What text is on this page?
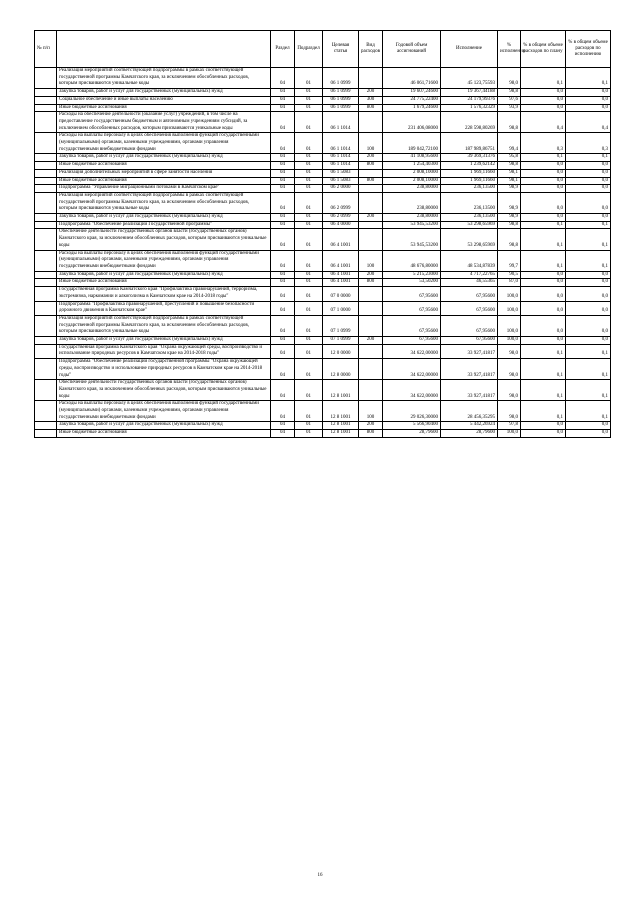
№ п/п		Раздел	Подраздел	Целевая статья	Вид расходов	Годовой объем ассигнований	Исполнение	% исполнения	% в общем объеме расходов по плану	% в общем объеме расходов по исполнению
	Реализация мероприятий соответствующей подпрограммы в рамках соответствующей государственной программы Камчатского края, за исключением обособленных расходов, которым присваиваются уникальные коды	04	01	06 1 0999		46 061,71600	45 123,75593	98,0	0,1	0,1
	Закупка товаров, работ и услуг для государственных (муниципальных) нужд	04	01	06 1 0999	200	19 607,24600	19 367,44188	98,8	0,0	0,0
	Социальное обеспечение и иные выплаты населению	04	01	06 1 0999	300	24 775,22400	24 179,99376	97,6	0,0	0,0
	Иные бюджетные ассигнования	04	01	06 1 0999	800	1 679,24600	1 576,32329	93,9	0,0	0,0
	Расходы на обеспечение деятельности (оказание услуг) учреждений, в том числе на предоставление государственным бюджетным и автономным учреждениям субсидий, за исключением обособленных расходов, которым присваиваются уникальные коды	04	01	06 1 1014		231 406,08000	228 598,80269	98,8	0,4	0,4
	Расходы на выплаты персоналу в целях обеспечения выполнения функций государственными (муниципальными) органами, казенными учреждениями, органами управления государственными внебюджетными фондами	04	01	06 1 1014	100	189 042,72100	187 989,86751	99,4	0,3	0,3
	Закупка товаров, работ и услуг для государственных (муниципальных) нужд	04	01	06 1 1014	200	41 108,95600	39 369,31376	95,8	0,1	0,1
	Иные бюджетные ассигнования	04	01	06 1 1014	800	1 254,40300	1 239,62142	98,8	0,0	0,0
	Реализация дополнительных мероприятий в сфере занятости населения	04	01	06 1 5083		2 008,10000	1 969,11660	98,1	0,0	0,0
	Иные бюджетные ассигнования	04	01	06 1 5083	800	2 008,10000	1 969,11660	98,1	0,0	0,0
	Подпрограмма "Управление миграционными потоками в Камчатском крае"	04	01	06 2 0000		238,80000	236,13500	98,9	0,0	0,0
	Реализация мероприятий соответствующей подпрограммы в рамках соответствующей государственной программы Камчатского края, за исключением обособленных расходов, которым присваиваются уникальные коды	04	01	06 2 0999		238,80000	236,13500	98,9	0,0	0,0
	Закупка товаров, работ и услуг для государственных (муниципальных) нужд	04	01	06 2 0999	200	238,80000	236,13500	98,9	0,0	0,0
	Подпрограмма "Обеспечение реализации Государственной программы"	04	01	06 4 0000		53 945,53200	53 298,65969	98,8	0,1	0,1
	Обеспечение деятельности государственных органов власти (государственных органов) Камчатского края, за исключением обособленных расходов, которым присваиваются уникальные коды	04	01	06 4 1001		53 945,53200	53 298,65969	98,8	0,1	0,1
	Расходы на выплаты персоналу в целях обеспечения выполнения функций государственными (муниципальными) органами, казенными учреждениями, органами управления государственными внебюджетными фондами	04	01	06 4 1001	100	48 676,80000	48 534,87839	99,7	0,1	0,1
	Закупка товаров, работ и услуг для государственных (муниципальных) нужд	04	01	06 4 1001	200	5 215,23000	4 717,22765	90,5	0,0	0,0
	Иные бюджетные ассигнования	04	01	06 4 1001	800	53,50200	46,55365	87,0	0,0	0,0
	Государственная программа Камчатского края "Профилактика правонарушений, терроризма, экстремизма, наркомании и алкоголизма в Камчатском крае на 2014-2018 годы"	04	01	07 0 0000		67,95600	67,95600	100,0	0,0	0,0
	Подпрограмма "Профилактика правонарушений, преступлений и повышение безопасности дорожного движения в Камчатском крае"	04	01	07 1 0000		67,95600	67,95600	100,0	0,0	0,0
	Реализация мероприятий соответствующей подпрограммы в рамках соответствующей государственной программы Камчатского края, за исключением обособленных расходов, которым присваиваются уникальные коды	04	01	07 1 0999		67,95600	67,95600	100,0	0,0	0,0
	Закупка товаров, работ и услуг для государственных (муниципальных) нужд	04	01	07 1 0999	200	67,95600	67,95600	100,0	0,0	0,0
	Государственная программа Камчатского края "Охрана окружающей среды, воспроизводство и использование природных ресурсов в Камчатском крае на 2014-2018 годы"	04	01	12 0 0000		34 622,00000	33 927,41817	98,0	0,1	0,1
	Подпрограмма "Обеспечение реализации государственной программы "Охрана окружающей среды, воспроизводство и использование природных ресурсов в Камчатском крае на 2014-2018 годы"	04	01	12 8 0000		34 622,00000	33 927,41817	98,0	0,1	0,1
	Обеспечение деятельности государственных органов власти (государственных органов) Камчатского края, за исключением обособленных расходов, которым присваиваются уникальные коды	04	01	12 8 1001		34 622,00000	33 927,41817	98,0	0,1	0,1
	Расходы на выплаты персоналу в целях обеспечения выполнения функций государственными (муниципальными) органами, казенными учреждениями, органами управления государственными внебюджетными фондами	04	01	12 8 1001	100	29 026,30000	28 456,35295	98,0	0,1	0,1
	Закупка товаров, работ и услуг для государственных (муниципальных) нужд	04	01	12 8 1001	200	5 566,90400	5 442,26924	97,8	0,0	0,0
	Иные бюджетные ассигнования	04	01	12 8 1001	800	28,79600	28,79600	100,0	0,0	0,0
16
